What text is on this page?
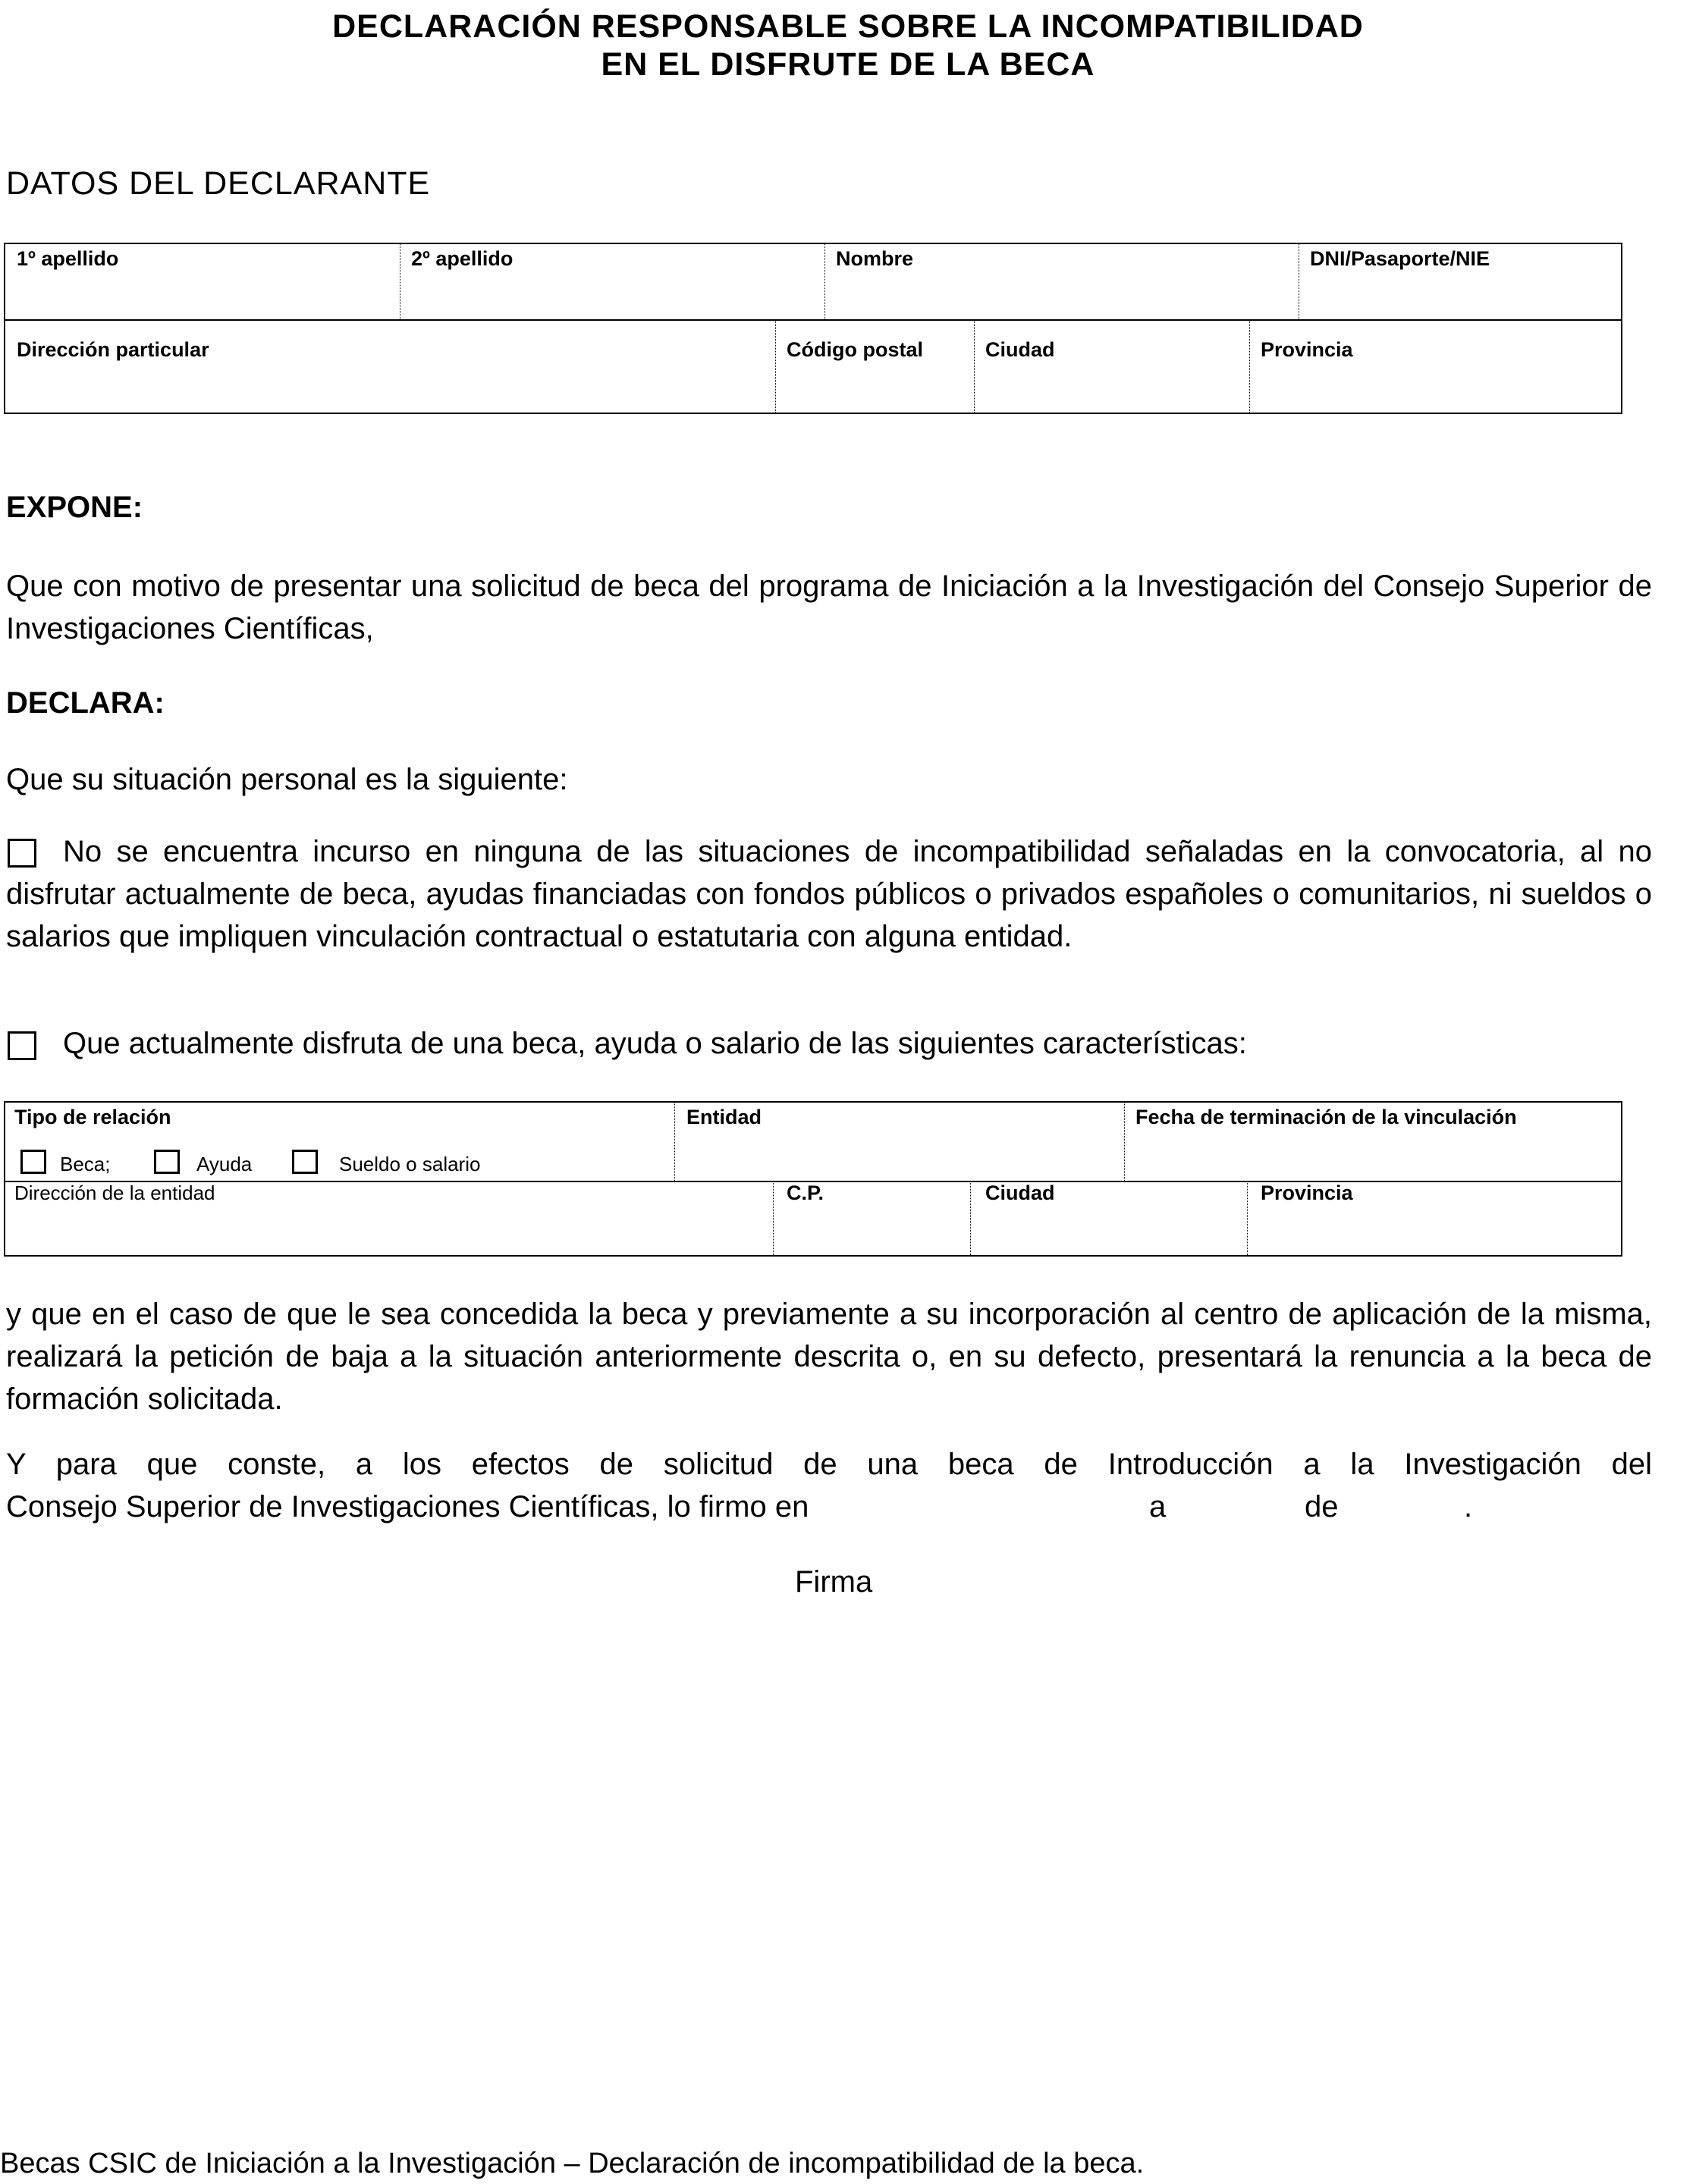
DECLARACIÓN RESPONSABLE SOBRE LA INCOMPATIBILIDAD
EN EL DISFRUTE DE LA BECA
DATOS DEL DECLARANTE
1º apellido	2º apellido	Nombre	DNI/Pasaporte/NIE
Dirección particular	Código postal	Ciudad	Provincia
EXPONE:
Que con motivo de presentar una solicitud de beca del programa de Iniciación a la Investigación del Consejo Superior de Investigaciones Científicas,
DECLARA:
Que su situación personal es la siguiente:
No se encuentra incurso en ninguna de las situaciones de incompatibilidad señaladas en la convocatoria, al no disfrutar actualmente de beca, ayudas financiadas con fondos públicos o privados españoles o comunitarios, ni sueldos o salarios que impliquen vinculación contractual o estatutaria con alguna entidad.
Que actualmente disfruta de una beca, ayuda o salario de las siguientes características:
Tipo de relación
Beca;	Ayuda	Sueldo o salario
Entidad	Fecha de terminación de la vinculación
Dirección de la entidad	C.P.	Ciudad	Provincia
y que en el caso de que le sea concedida la beca y previamente a su incorporación al centro de aplicación de la misma, realizará la petición de baja a la situación anteriormente descrita o, en su defecto, presentará la renuncia a la beca de formación solicitada.
Y para que conste, a los efectos de solicitud de una beca de Introducción a la Investigación del
Consejo Superior de Investigaciones Científicas, lo firmo en	a	de	.
Firma
Becas CSIC de Iniciación a la Investigación – Declaración de incompatibilidad de la beca.
